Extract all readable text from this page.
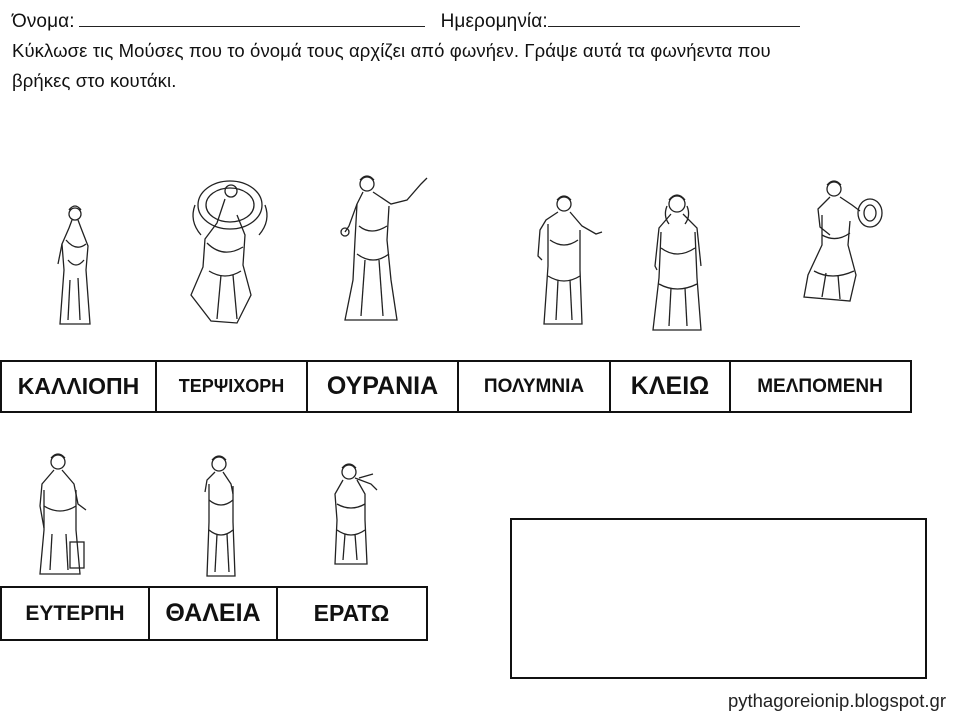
Όνομα:	Ημερομηνία:
Κύκλωσε τις Μούσες που το όνομά τους αρχίζει από φωνήεν. Γράψε αυτά τα φωνήεντα που
βρήκες στο κουτάκι.
ΚΑΛΛΙΟΠΗ	ΤΕΡΨΙΧΟΡΗ	ΟΥΡΑΝΙΑ	ΠΟΛΥΜΝΙΑ	ΚΛΕΙΩ	ΜΕΛΠΟΜΕΝΗ
ΕΥΤΕΡΠΗ	ΘΑΛΕΙΑ	ΕΡΑΤΩ
pythagoreionip.blogspot.gr
